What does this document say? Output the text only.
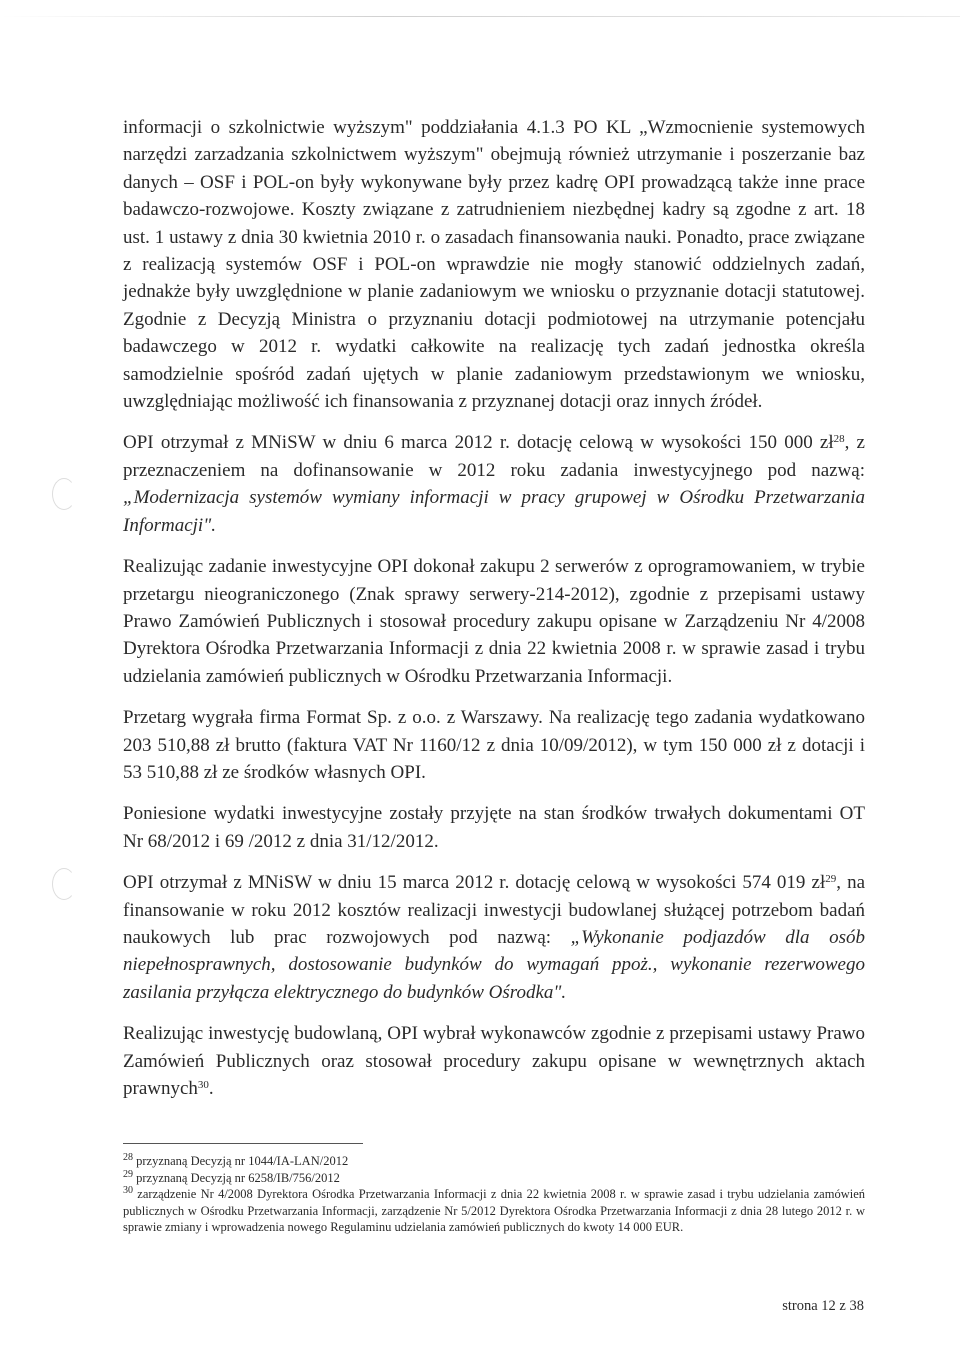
informacji o szkolnictwie wyższym" poddziałania 4.1.3 PO KL „Wzmocnienie systemowych narzędzi zarzadzania szkolnictwem wyższym" obejmują również utrzymanie i poszerzanie baz danych – OSF i POL-on były wykonywane były przez kadrę OPI prowadzącą także inne prace badawczo-rozwojowe. Koszty związane z zatrudnieniem niezbędnej kadry są zgodne z art. 18 ust. 1 ustawy z dnia 30 kwietnia 2010 r. o zasadach finansowania nauki. Ponadto, prace związane z realizacją systemów OSF i POL-on wprawdzie nie mogły stanowić oddzielnych zadań, jednakże były uwzględnione w planie zadaniowym we wniosku o przyznanie dotacji statutowej. Zgodnie z Decyzją Ministra o przyznaniu dotacji podmiotowej na utrzymanie potencjału badawczego w 2012 r. wydatki całkowite na realizację tych zadań jednostka określa samodzielnie spośród zadań ujętych w planie zadaniowym przedstawionym we wniosku, uwzględniając możliwość ich finansowania z przyznanej dotacji oraz innych źródeł.

OPI otrzymał z MNiSW w dniu 6 marca 2012 r. dotację celową w wysokości 150 000 $zł^{28}$, z przeznaczeniem na dofinansowanie w 2012 roku zadania inwestycyjnego pod nazwą: „Modernizacja systemów wymiany informacji w pracy grupowej w Ośrodku Przetwarzania Informacji".

Realizując zadanie inwestycyjne OPI dokonał zakupu 2 serwerów z oprogramowaniem, w trybie przetargu nieograniczonego (Znak sprawy serwery-214-2012), zgodnie z przepisami ustawy Prawo Zamówień Publicznych i stosował procedury zakupu opisane w Zarządzeniu Nr 4/2008 Dyrektora Ośrodka Przetwarzania Informacji z dnia 22 kwietnia 2008 r. w sprawie zasad i trybu udzielania zamówień publicznych w Ośrodku Przetwarzania Informacji.

Przetarg wygrała firma Format Sp. z o.o. z Warszawy. Na realizację tego zadania wydatkowano 203 510,88 zł brutto (faktura VAT Nr 1160/12 z dnia 10/09/2012), w tym 150 000 zł z dotacji i 53 510,88 zł ze środków własnych OPI.

Poniesione wydatki inwestycyjne zostały przyjęte na stan środków trwałych dokumentami OT Nr 68/2012 i 69 /2012 z dnia 31/12/2012.

OPI otrzymał z MNiSW w dniu 15 marca 2012 r. dotację celową w wysokości 574 019 $zł^{29}$, na finansowanie w roku 2012 kosztów realizacji inwestycji budowlanej służącej potrzebom badań naukowych lub prac rozwojowych pod nazwą: „Wykonanie podjazdów dla osób niepełnosprawnych, dostosowanie budynków do wymagań ppoż., wykonanie rezerwowego zasilania przyłącza elektrycznego do budynków Ośrodka".

Realizując inwestycję budowlaną, OPI wybrał wykonawców zgodnie z przepisami ustawy Prawo Zamówień Publicznych oraz stosował procedury zakupu opisane w wewnętrznych aktach prawnych$^{30}$.

$^{28}$ przyznaną Decyzją nr 1044/IA-LAN/2012

$^{29}$ przyznaną Decyzją nr 6258/IB/756/2012

$^{30}$ zarządzenie Nr 4/2008 Dyrektora Ośrodka Przetwarzania Informacji z dnia 22 kwietnia 2008 r. w sprawie zasad i trybu udzielania zamówień publicznych w Ośrodku Przetwarzania Informacji, zarządzenie Nr 5/2012 Dyrektora Ośrodka Przetwarzania Informacji z dnia 28 lutego 2012 r. w sprawie zmiany i wprowadzenia nowego Regulaminu udzielania zamówień publicznych do kwoty 14 000 EUR.

strona 12 z 38
